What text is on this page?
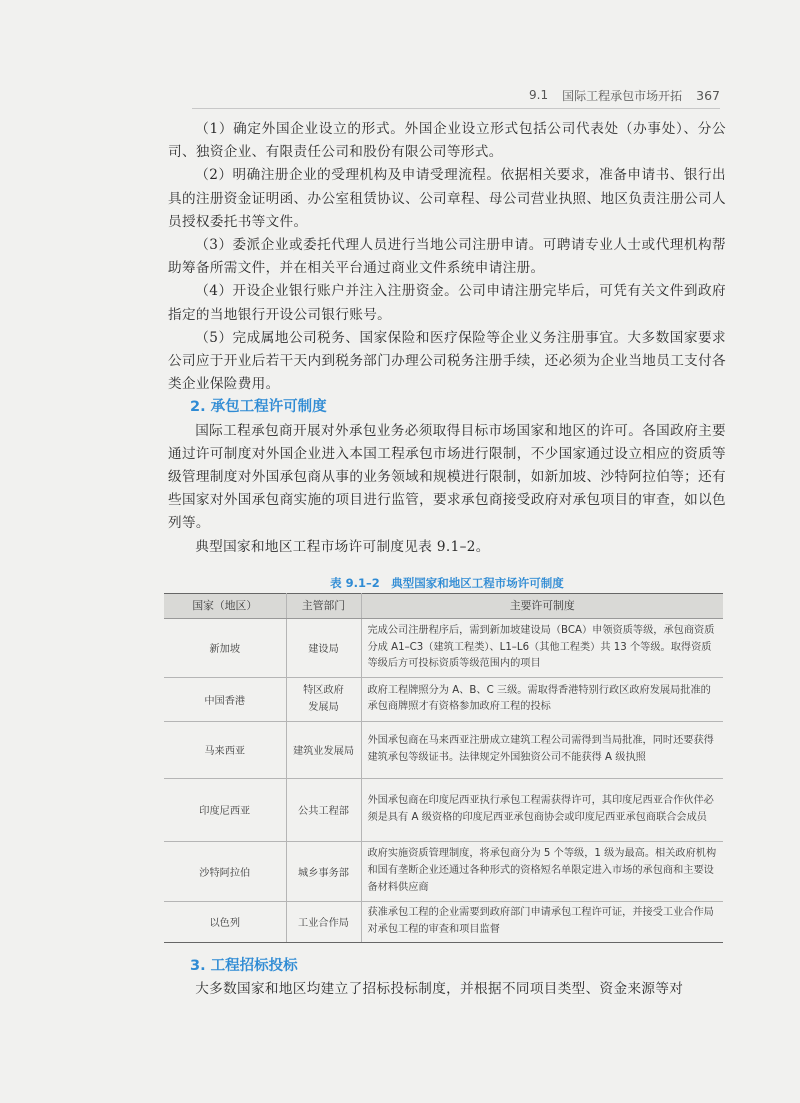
9.1 国际工程承包市场开拓 367

（1）确定外国企业设立的形式。外国企业设立形式包括公司代表处（办事处）、分公司、独资企业、有限责任公司和股份有限公司等形式。

（2）明确注册企业的受理机构及申请受理流程。依据相关要求，准备申请书、银行出具的注册资金证明函、办公室租赁协议、公司章程、母公司营业执照、地区负责注册公司人员授权委托书等文件。

（3）委派企业或委托代理人员进行当地公司注册申请。可聘请专业人士或代理机构帮助筹备所需文件，并在相关平台通过商业文件系统申请注册。

（4）开设企业银行账户并注入注册资金。公司申请注册完毕后，可凭有关文件到政府指定的当地银行开设公司银行账号。

（5）完成属地公司税务、国家保险和医疗保险等企业义务注册事宜。大多数国家要求公司应于开业后若干天内到税务部门办理公司税务注册手续，还必须为企业当地员工支付各类企业保险费用。

2. 承包工程许可制度

国际工程承包商开展对外承包业务必须取得目标市场国家和地区的许可。各国政府主要通过许可制度对外国企业进入本国工程承包市场进行限制，不少国家通过设立相应的资质等级管理制度对外国承包商从事的业务领域和规模进行限制，如新加坡、沙特阿拉伯等；还有些国家对外国承包商实施的项目进行监管，要求承包商接受政府对承包项目的审查，如以色列等。

典型国家和地区工程市场许可制度见表 9.1–2。

表 9.1–2　典型国家和地区工程市场许可制度
国家（地区）	主管部门	主要许可制度
新加坡	建设局	完成公司注册程序后，需到新加坡建设局（BCA）申领资质等级，承包商资质分成 A1–C3（建筑工程类）、L1–L6（其他工程类）共 13 个等级。取得资质等级后方可投标资质等级范围内的项目
中国香港	特区政府发展局	政府工程牌照分为 A、B、C 三级。需取得香港特别行政区政府发展局批准的承包商牌照才有资格参加政府工程的投标
马来西亚	建筑业发展局	外国承包商在马来西亚注册成立建筑工程公司需得到当局批准，同时还要获得建筑承包等级证书。法律规定外国独资公司不能获得 A 级执照
印度尼西亚	公共工程部	外国承包商在印度尼西亚执行承包工程需获得许可，其印度尼西亚合作伙伴必须是具有 A 级资格的印度尼西亚承包商协会或印度尼西亚承包商联合会成员
沙特阿拉伯	城乡事务部	政府实施资质管理制度，将承包商分为 5 个等级，1 级为最高。相关政府机构和国有垄断企业还通过各种形式的资格短名单限定进入市场的承包商和主要设备材料供应商
以色列	工业合作局	获准承包工程的企业需要到政府部门申请承包工程许可证，并接受工业合作局对承包工程的审查和项目监督
3. 工程招标投标

大多数国家和地区均建立了招标投标制度，并根据不同项目类型、资金来源等对
